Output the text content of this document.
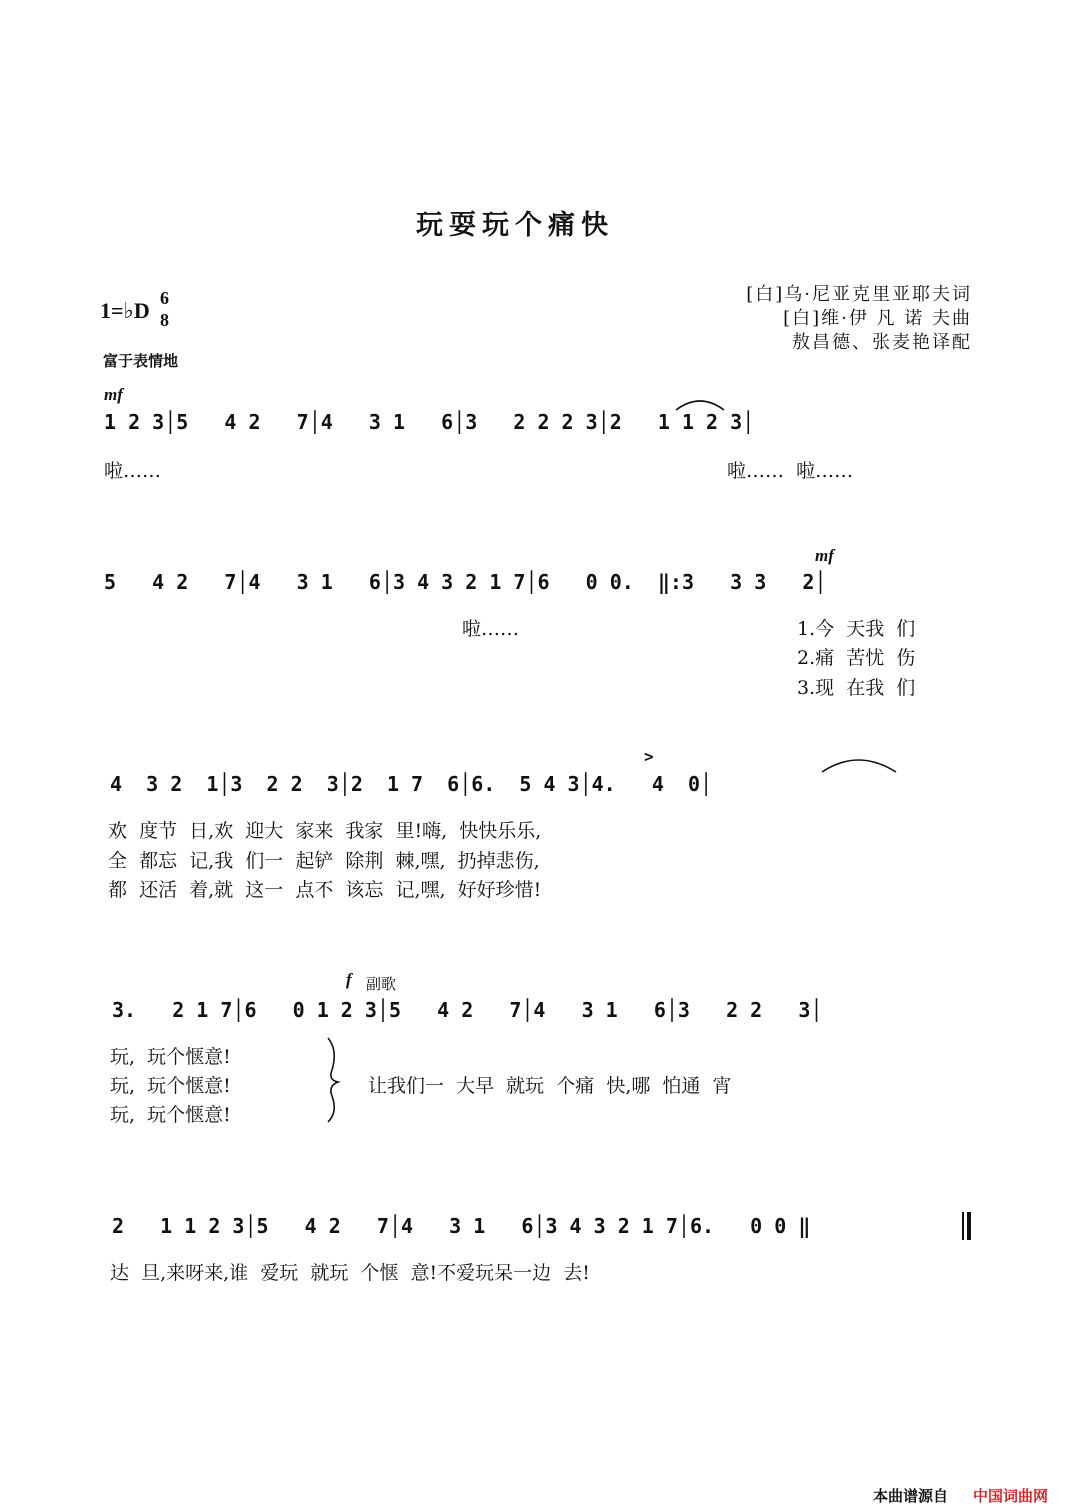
玩耍玩个痛快
[白]乌·尼亚克里亚耶夫词
[白]维·伊 凡 诺 夫曲
敖昌德、张麦艳译配
1=♭D 6
8
富于表情地
mf
1 2 3│5   4 2   7│4   3 1   6│3   2 2 2 3│2   1 1 2 3│
啦……	啦……  啦……
mf
5   4 2   7│4   3 1   6│3 4 3 2 1 7│6   0 0.  ‖:3   3 3   2│
啦……	1.今  天我  们
2.痛  苦忧  伤
3.现  在我  们
>
4  3 2  1│3  2 2  3│2  1 7  6│6.  5 4 3│4.   4  0│
欢  度节  日,欢  迎大  家来  我家  里!嗨,  快快乐乐,
全  都忘  记,我  们一  起铲  除荆  棘,嘿,  扔掉悲伤,
都  还活  着,就  这一  点不  该忘  记,嘿,  好好珍惜!
f 副歌
3.   2 1 7│6   0 1 2 3│5   4 2   7│4   3 1   6│3   2 2   3│
玩,  玩个惬意!
玩,  玩个惬意!
玩,  玩个惬意!
让我们一  大早  就玩  个痛  快,哪  怕通  宵
2   1 1 2 3│5   4 2   7│4   3 1   6│3 4 3 2 1 7│6.   0 0 ‖
达  旦,来呀来,谁  爱玩  就玩  个惬  意!不爱玩呆一边  去!
本曲谱源自 中国词曲网
